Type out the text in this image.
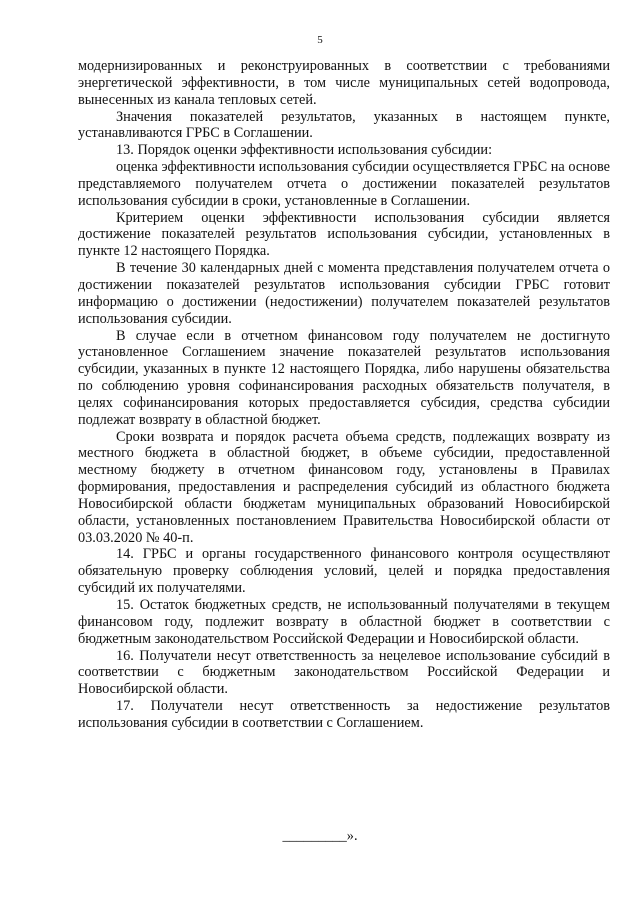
5

модернизированных и реконструированных в соответствии с требованиями энергетической эффективности, в том числе муниципальных сетей водопровода, вынесенных из канала тепловых сетей.

Значения показателей результатов, указанных в настоящем пункте, устанавливаются ГРБС в Соглашении.

13. Порядок оценки эффективности использования субсидии:

оценка эффективности использования субсидии осуществляется ГРБС на основе представляемого получателем отчета о достижении показателей результатов использования субсидии в сроки, установленные в Соглашении.

Критерием оценки эффективности использования субсидии является достижение показателей результатов использования субсидии, установленных в пункте 12 настоящего Порядка.

В течение 30 календарных дней с момента представления получателем отчета о достижении показателей результатов использования субсидии ГРБС готовит информацию о достижении (недостижении) получателем показателей результатов использования субсидии.

В случае если в отчетном финансовом году получателем не достигнуто установленное Соглашением значение показателей результатов использования субсидии, указанных в пункте 12 настоящего Порядка, либо нарушены обязательства по соблюдению уровня софинансирования расходных обязательств получателя, в целях софинансирования которых предоставляется субсидия, средства субсидии подлежат возврату в областной бюджет.

Сроки возврата и порядок расчета объема средств, подлежащих возврату из местного бюджета в областной бюджет, в объеме субсидии, предоставленной местному бюджету в отчетном финансовом году, установлены в Правилах формирования, предоставления и распределения субсидий из областного бюджета Новосибирской области бюджетам муниципальных образований Новосибирской области, установленных постановлением Правительства Новосибирской области от 03.03.2020 № 40-п.

14. ГРБС и органы государственного финансового контроля осуществляют обязательную проверку соблюдения условий, целей и порядка предоставления субсидий их получателями.

15. Остаток бюджетных средств, не использованный получателями в текущем финансовом году, подлежит возврату в областной бюджет в соответствии с бюджетным законодательством Российской Федерации и Новосибирской области.

16. Получатели несут ответственность за нецелевое использование субсидий в соответствии с бюджетным законодательством Российской Федерации и Новосибирской области.

17. Получатели несут ответственность за недостижение результатов использования субсидии в соответствии с Соглашением.

_________».
